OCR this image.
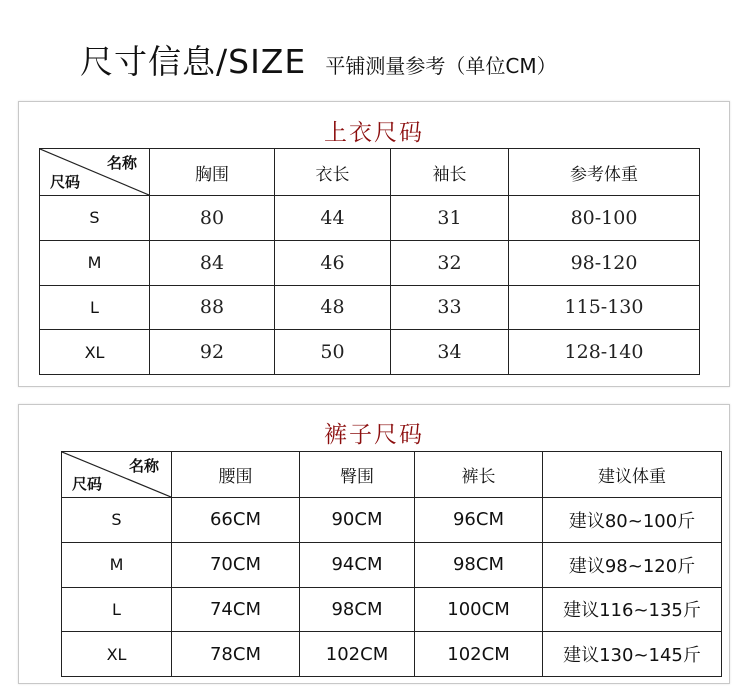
尺寸信息/SIZE 平铺测量参考（单位CM）
上衣尺码
名称
尺码	胸围	衣长	袖长	参考体重
S	80	44	31	80-100
M	84	46	32	98-120
L	88	48	33	115-130
XL	92	50	34	128-140
裤子尺码
名称
尺码	腰围	臀围	裤长	建议体重
S	66CM	90CM	96CM	建议80~100斤
M	70CM	94CM	98CM	建议98~120斤
L	74CM	98CM	100CM	建议116~135斤
XL	78CM	102CM	102CM	建议130~145斤
